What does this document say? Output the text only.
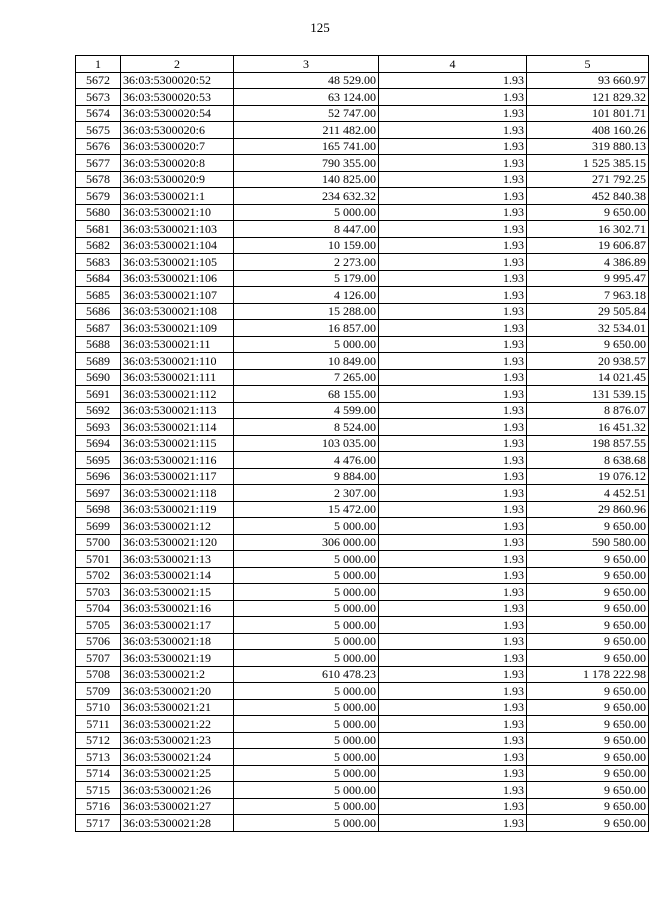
125
1	2	3	4	5
5672	36:03:5300020:52	48 529.00	1.93	93 660.97
5673	36:03:5300020:53	63 124.00	1.93	121 829.32
5674	36:03:5300020:54	52 747.00	1.93	101 801.71
5675	36:03:5300020:6	211 482.00	1.93	408 160.26
5676	36:03:5300020:7	165 741.00	1.93	319 880.13
5677	36:03:5300020:8	790 355.00	1.93	1 525 385.15
5678	36:03:5300020:9	140 825.00	1.93	271 792.25
5679	36:03:5300021:1	234 632.32	1.93	452 840.38
5680	36:03:5300021:10	5 000.00	1.93	9 650.00
5681	36:03:5300021:103	8 447.00	1.93	16 302.71
5682	36:03:5300021:104	10 159.00	1.93	19 606.87
5683	36:03:5300021:105	2 273.00	1.93	4 386.89
5684	36:03:5300021:106	5 179.00	1.93	9 995.47
5685	36:03:5300021:107	4 126.00	1.93	7 963.18
5686	36:03:5300021:108	15 288.00	1.93	29 505.84
5687	36:03:5300021:109	16 857.00	1.93	32 534.01
5688	36:03:5300021:11	5 000.00	1.93	9 650.00
5689	36:03:5300021:110	10 849.00	1.93	20 938.57
5690	36:03:5300021:111	7 265.00	1.93	14 021.45
5691	36:03:5300021:112	68 155.00	1.93	131 539.15
5692	36:03:5300021:113	4 599.00	1.93	8 876.07
5693	36:03:5300021:114	8 524.00	1.93	16 451.32
5694	36:03:5300021:115	103 035.00	1.93	198 857.55
5695	36:03:5300021:116	4 476.00	1.93	8 638.68
5696	36:03:5300021:117	9 884.00	1.93	19 076.12
5697	36:03:5300021:118	2 307.00	1.93	4 452.51
5698	36:03:5300021:119	15 472.00	1.93	29 860.96
5699	36:03:5300021:12	5 000.00	1.93	9 650.00
5700	36:03:5300021:120	306 000.00	1.93	590 580.00
5701	36:03:5300021:13	5 000.00	1.93	9 650.00
5702	36:03:5300021:14	5 000.00	1.93	9 650.00
5703	36:03:5300021:15	5 000.00	1.93	9 650.00
5704	36:03:5300021:16	5 000.00	1.93	9 650.00
5705	36:03:5300021:17	5 000.00	1.93	9 650.00
5706	36:03:5300021:18	5 000.00	1.93	9 650.00
5707	36:03:5300021:19	5 000.00	1.93	9 650.00
5708	36:03:5300021:2	610 478.23	1.93	1 178 222.98
5709	36:03:5300021:20	5 000.00	1.93	9 650.00
5710	36:03:5300021:21	5 000.00	1.93	9 650.00
5711	36:03:5300021:22	5 000.00	1.93	9 650.00
5712	36:03:5300021:23	5 000.00	1.93	9 650.00
5713	36:03:5300021:24	5 000.00	1.93	9 650.00
5714	36:03:5300021:25	5 000.00	1.93	9 650.00
5715	36:03:5300021:26	5 000.00	1.93	9 650.00
5716	36:03:5300021:27	5 000.00	1.93	9 650.00
5717	36:03:5300021:28	5 000.00	1.93	9 650.00
